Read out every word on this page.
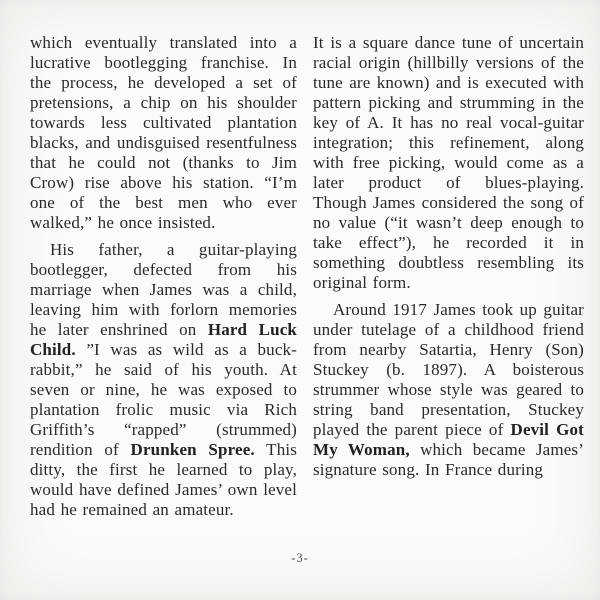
which eventually translated into a lucrative bootlegging franchise. In the process, he developed a set of pretensions, a chip on his shoulder towards less cultivated plantation blacks, and undisguised resentfulness that he could not (thanks to Jim Crow) rise above his station. “I’m one of the best men who ever walked,” he once insisted.

His father, a guitar-playing bootlegger, defected from his marriage when James was a child, leaving him with forlorn memories he later enshrined on Hard Luck Child. ”I was as wild as a buck-rabbit,” he said of his youth. At seven or nine, he was exposed to plantation frolic music via Rich Griffith’s “rapped” (strummed) rendition of Drunken Spree. This ditty, the first he learned to play, would have defined James’ own level had he remained an amateur.

It is a square dance tune of uncertain racial origin (hillbilly versions of the tune are known) and is executed with pattern picking and strumming in the key of A. It has no real vocal-guitar integration; this refinement, along with free picking, would come as a later product of blues-playing. Though James considered the song of no value (“it wasn’t deep enough to take effect”), he recorded it in something doubtless resembling its original form.

Around 1917 James took up guitar under tutelage of a childhood friend from nearby Satartia, Henry (Son) Stuckey (b. 1897). A boisterous strummer whose style was geared to string band presentation, Stuckey played the parent piece of Devil Got My Woman, which became James’ signature song. In France during

-3-
